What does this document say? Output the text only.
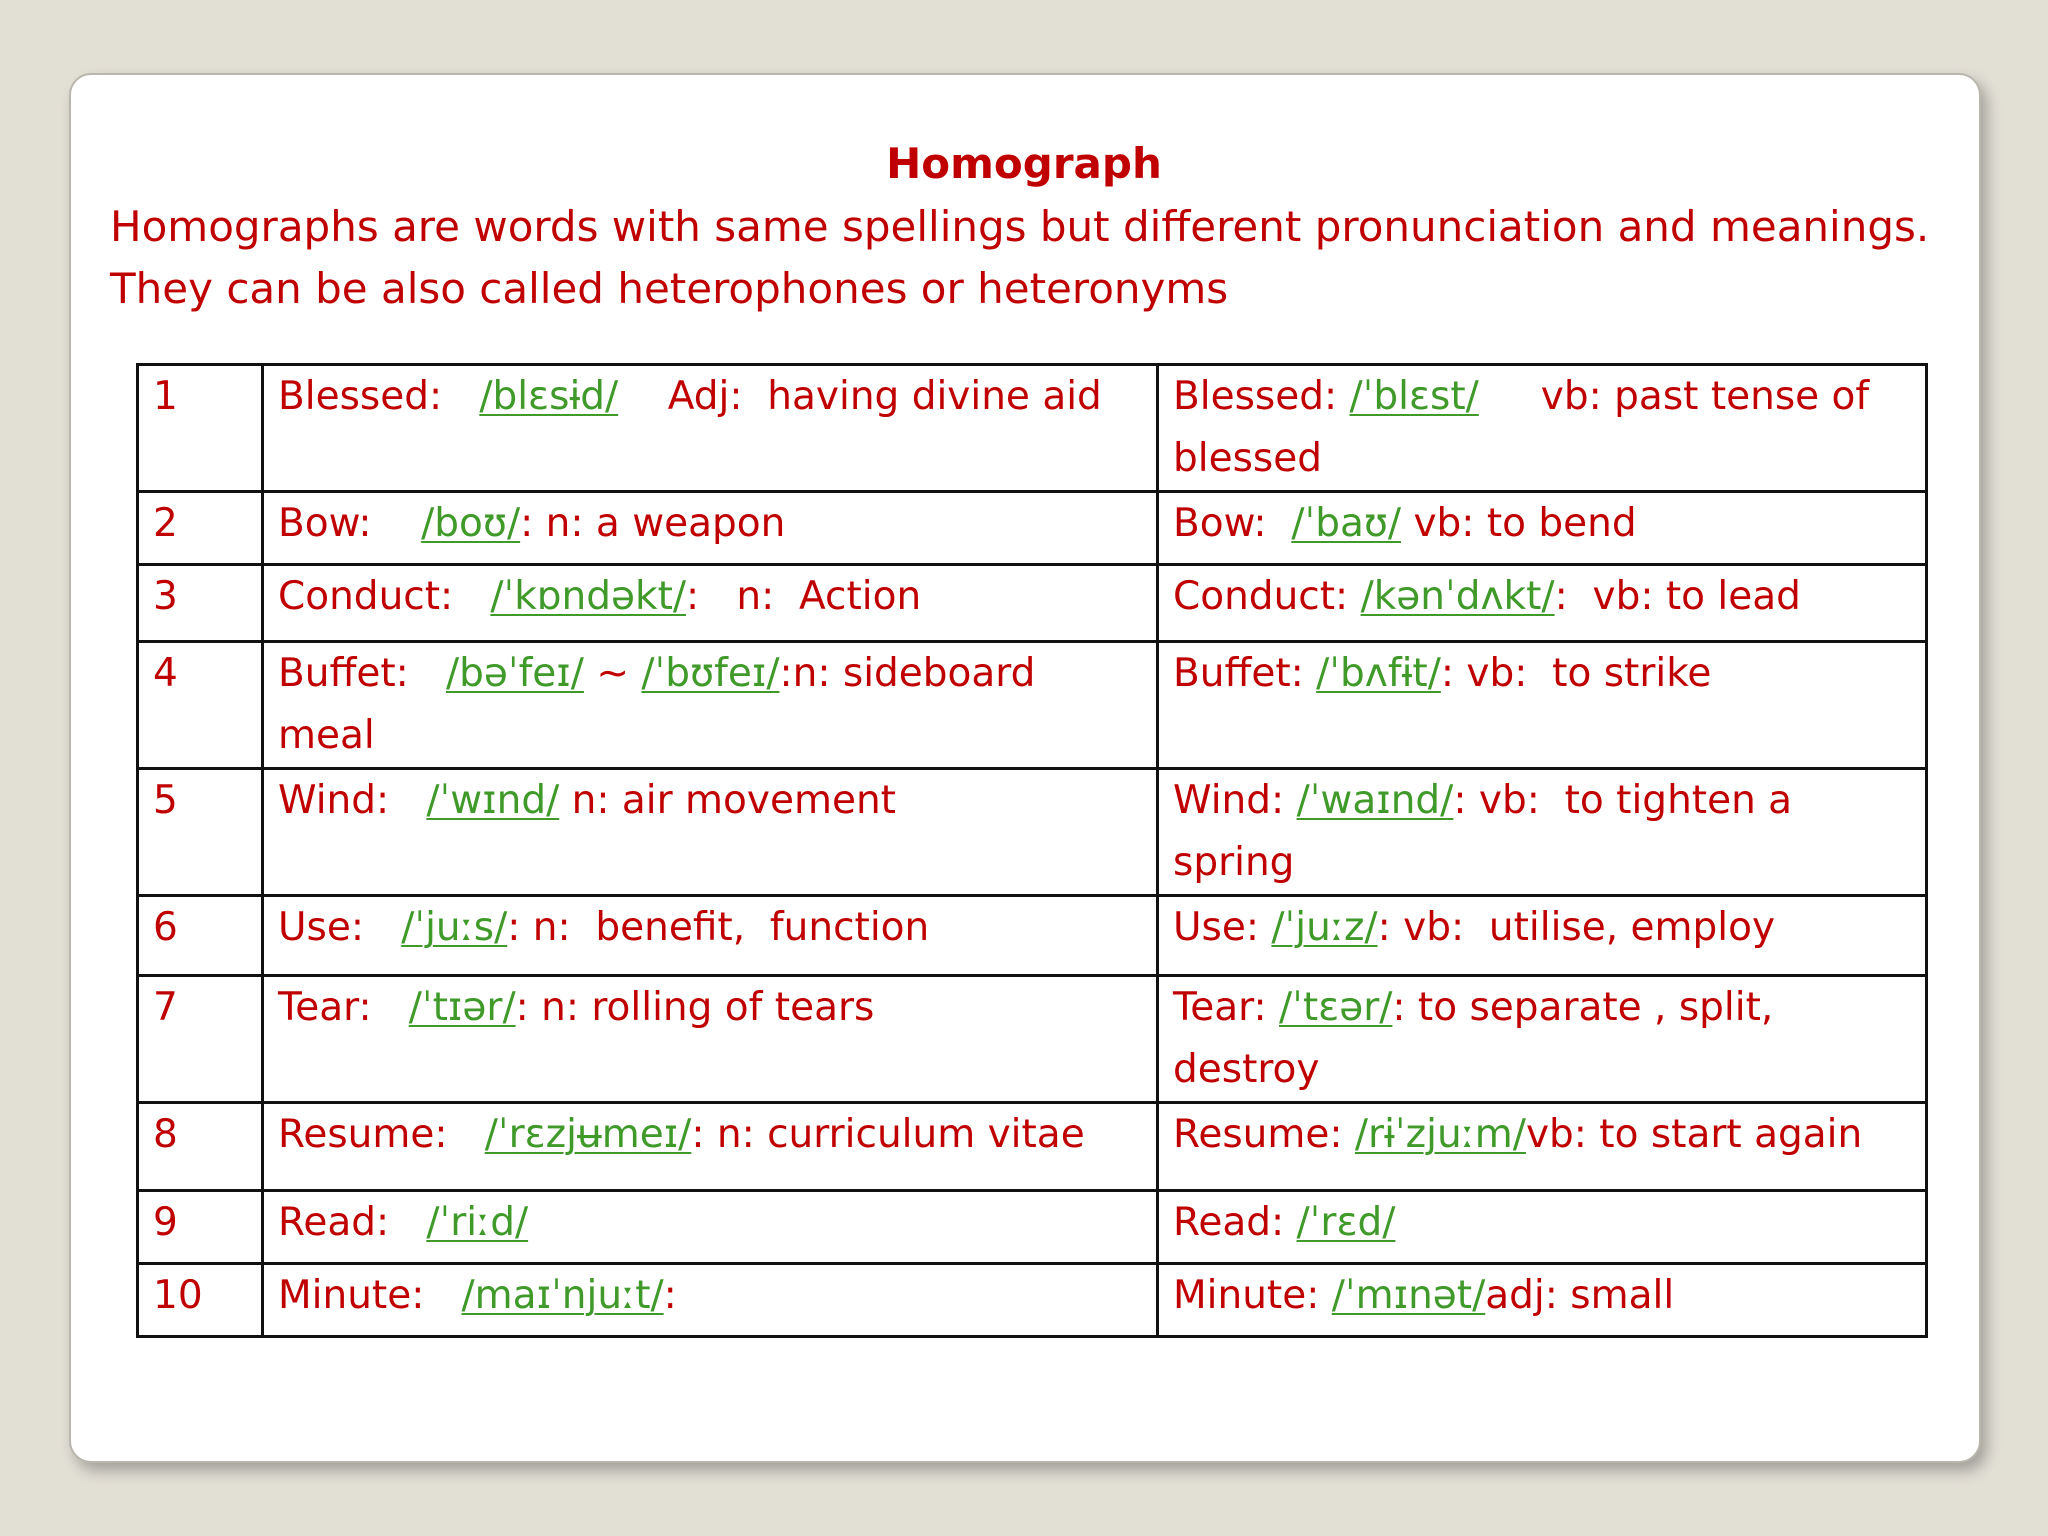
Homograph
Homographs are words with same spellings but different pronunciation and meanings.
They can be also called heterophones or heteronyms
1	Blessed:   /blɛsɨd/    Adj:  having divine aid	Blessed: /ˈblɛst/     vb: past tense of blessed
2	Bow:    /boʊ/: n: a weapon	Bow:  /ˈbaʊ/ vb: to bend
3	Conduct:   /ˈkɒndəkt/:   n:  Action	Conduct: /kənˈdʌkt/:  vb: to lead
4	Buffet:   /bəˈfeɪ/ ~ /ˈbʊfeɪ/:n: sideboard meal	Buffet: /ˈbʌfɨt/: vb:  to strike
5	Wind:   /ˈwɪnd/ n: air movement	Wind: /ˈwaɪnd/: vb:  to tighten a spring
6	Use:   /ˈjuːs/: n:  benefit,  function	Use: /ˈjuːz/: vb:  utilise, employ
7	Tear:   /ˈtɪər/: n: rolling of tears	Tear: /ˈtɛər/: to separate , split, destroy
8	Resume:   /ˈrɛzjʉmeɪ/: n: curriculum vitae	Resume: /rɨˈzjuːm/vb: to start again
9	Read:   /ˈriːd/	Read: /ˈrɛd/
10	Minute:   /maɪˈnjuːt/:	Minute: /ˈmɪnət/adj: small
